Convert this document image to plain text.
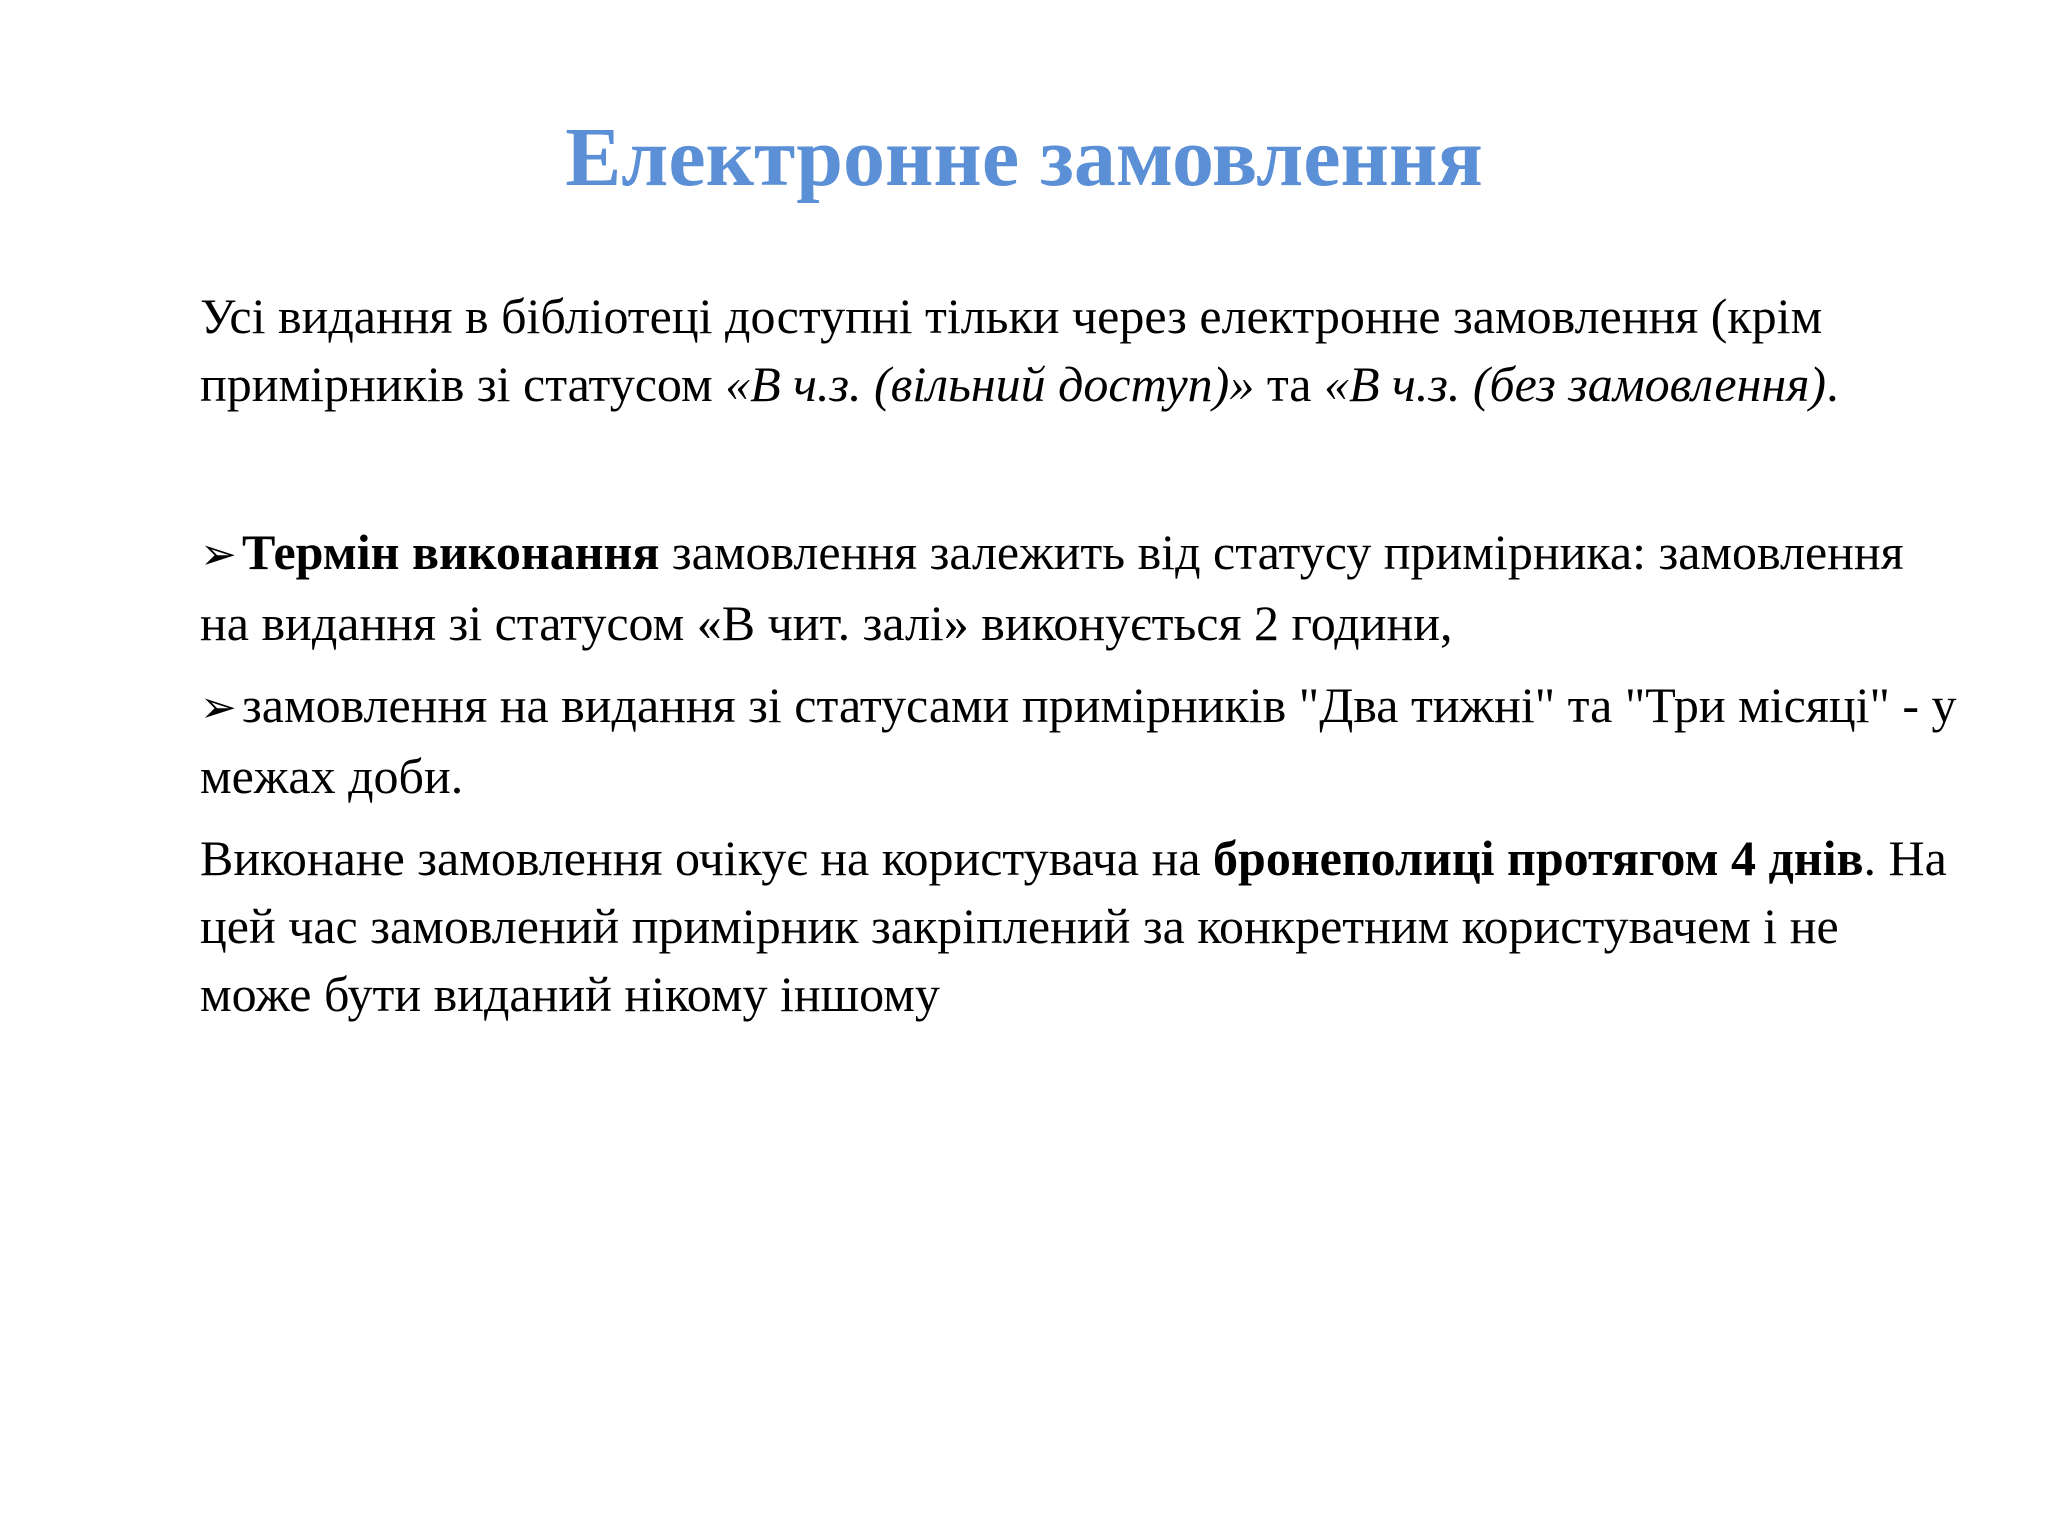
Електронне замовлення

Усі видання в бібліотеці доступні тільки через електронне замовлення (крім примірників зі статусом «В ч.з. (вільний доступ)» та «В ч.з. (без замовлення).

➢ Термін виконання замовлення залежить від статусу примірника: замовлення на видання зі статусом «В чит. залі» виконується 2 години,

➢ замовлення на видання зі статусами примірників "Два тижні" та "Три місяці" - у межах доби.

Виконане замовлення очікує на користувача на бронеполиці протягом 4 днів. На цей час замовлений примірник закріплений за конкретним користувачем і не може бути виданий нікому іншому
